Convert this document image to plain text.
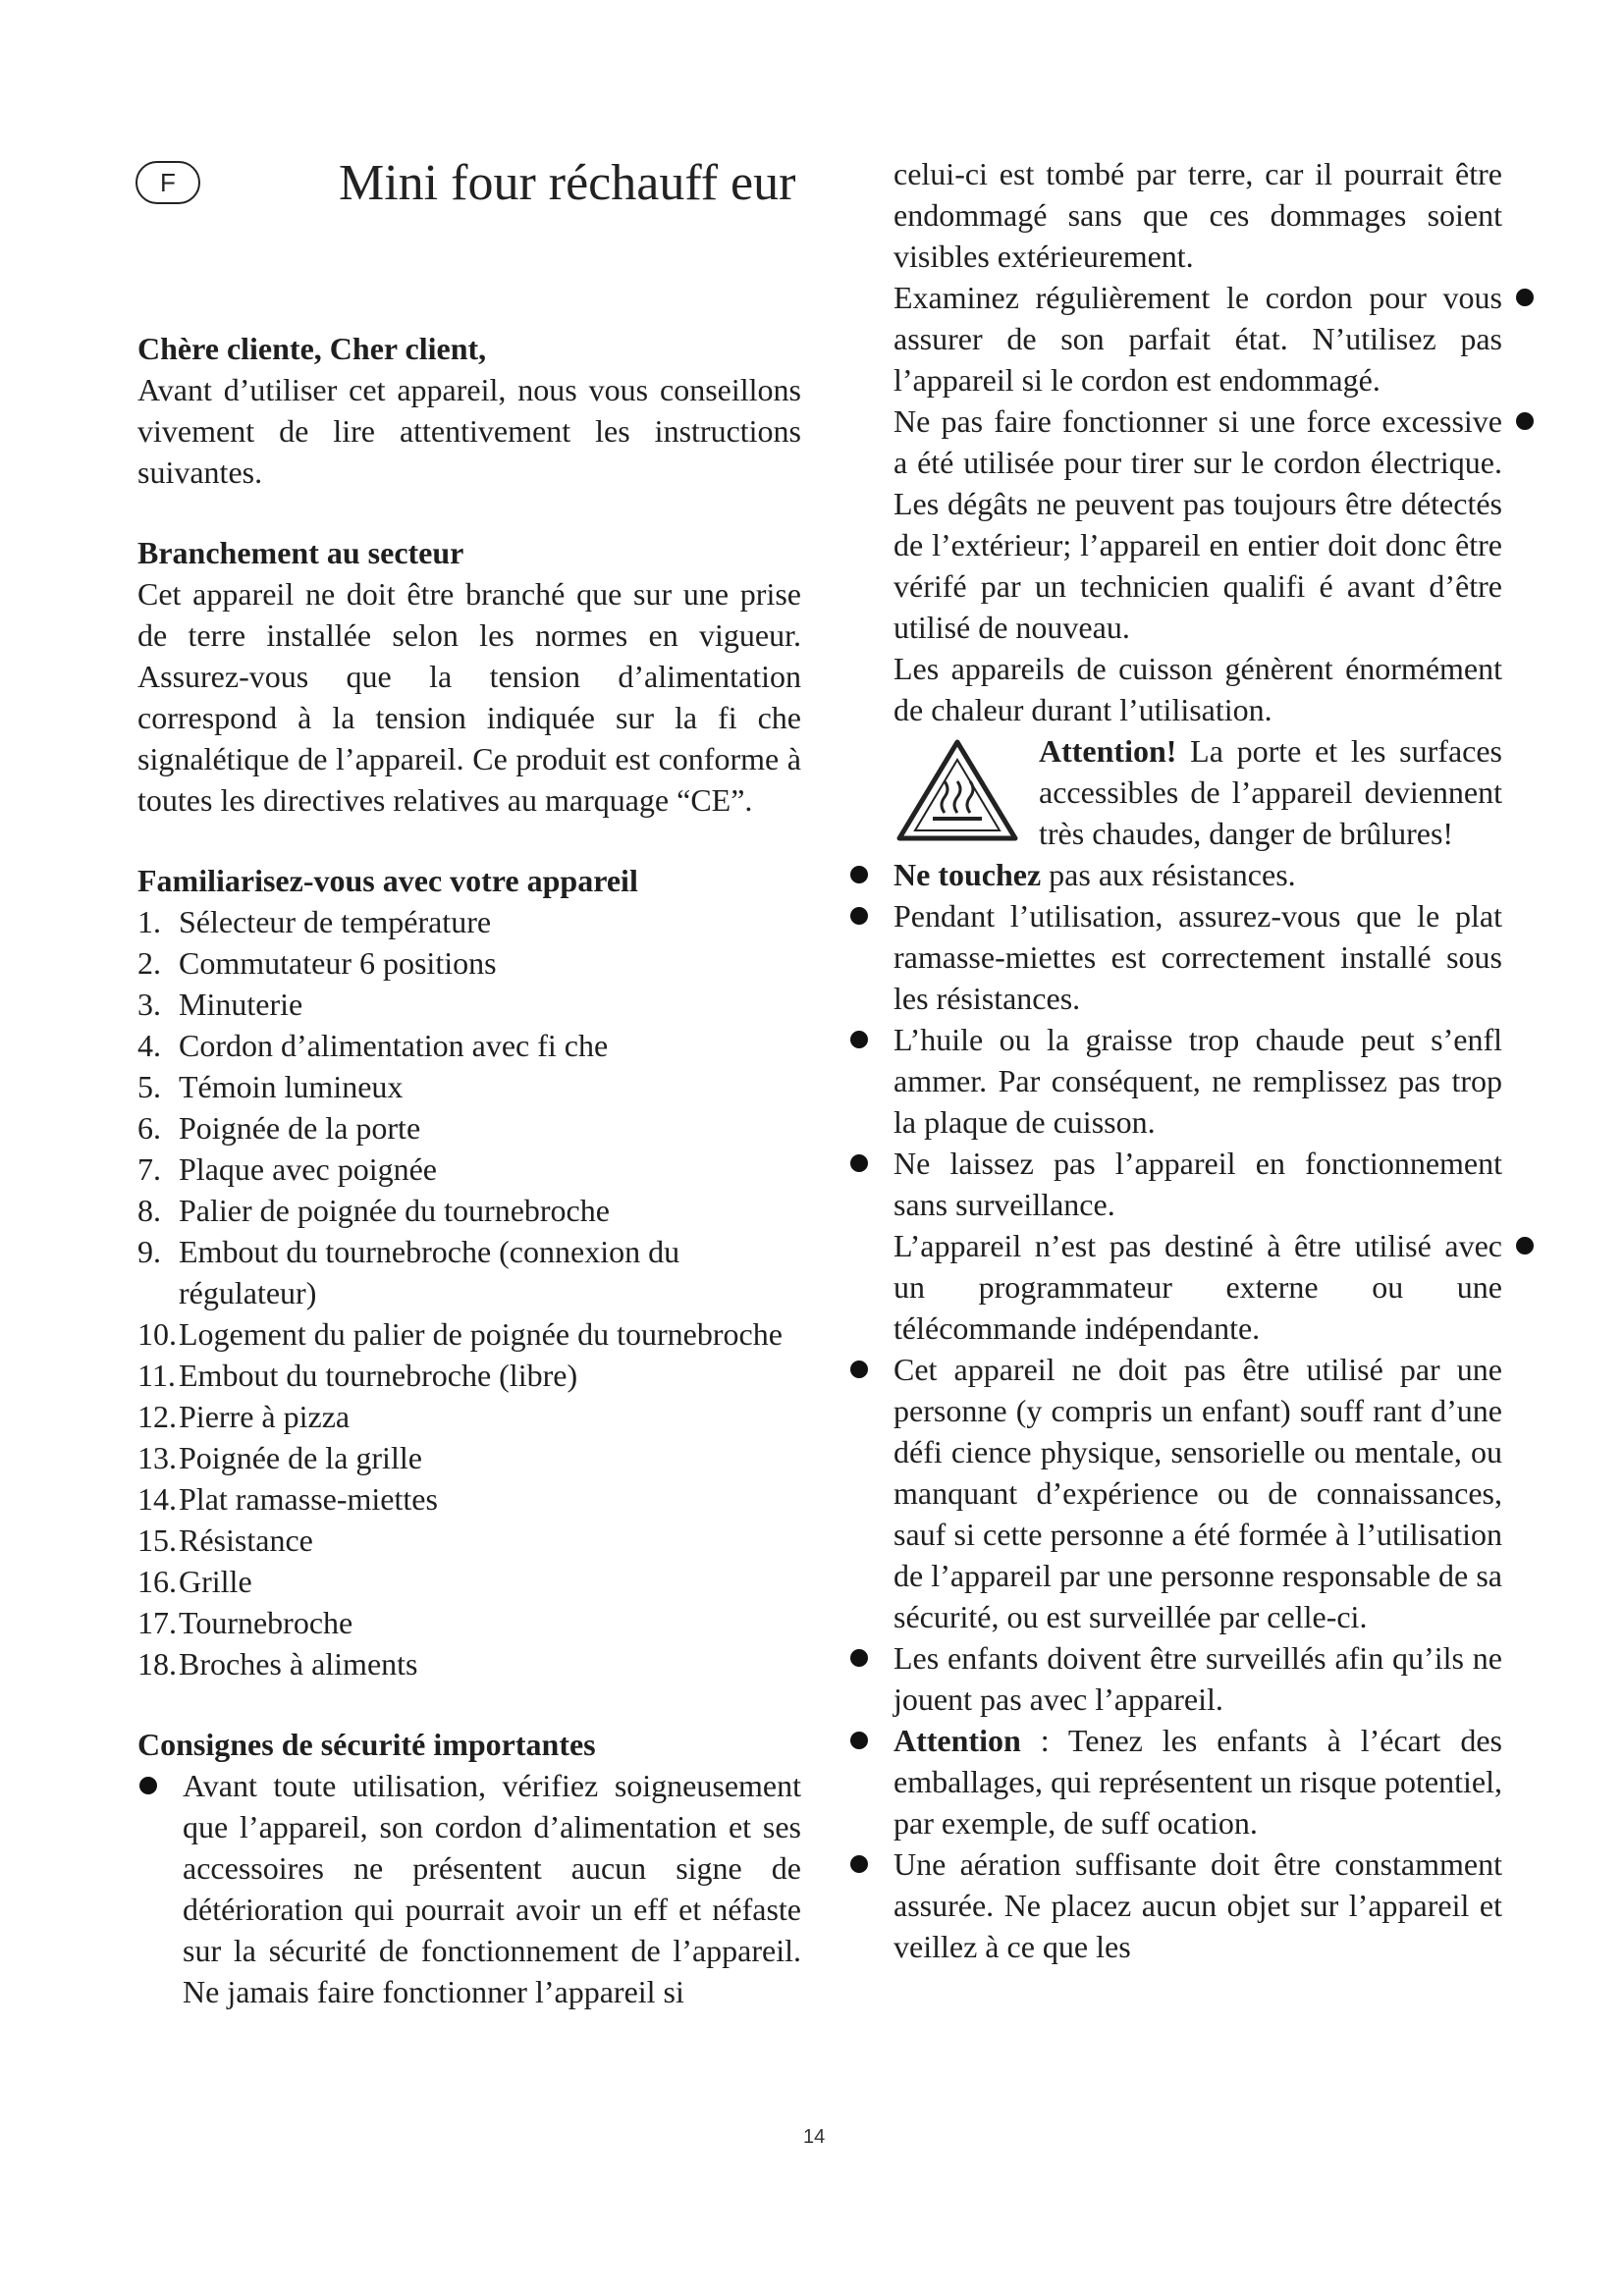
F	Mini four réchauff eur

Chère cliente, Cher client,

Avant d’utiliser cet appareil, nous vous conseillons vivement de lire attentivement les instructions suivantes.

Branchement au secteur

Cet appareil ne doit être branché que sur une prise de terre installée selon les normes en vigueur. Assurez-vous que la tension d’alimentation correspond à la tension indiquée sur la fi che signalétique de l’appareil. Ce produit est conforme à toutes les directives relatives au marquage “CE”.

Familiarisez-vous avec votre appareil

1. Sélecteur de température
2. Commutateur 6 positions
3. Minuterie
4. Cordon d’alimentation avec fi che
5. Témoin lumineux
6. Poignée de la porte
7. Plaque avec poignée
8. Palier de poignée du tournebroche
9. Embout du tournebroche (connexion du régulateur)
10. Logement du palier de poignée du tournebroche
11. Embout du tournebroche (libre)
12. Pierre à pizza
13. Poignée de la grille
14. Plat ramasse-miettes
15. Résistance
16. Grille
17. Tournebroche
18. Broches à aliments

Consignes de sécurité importantes

Avant toute utilisation, vérifiez soigneusement que l’appareil, son cordon d’alimentation et ses accessoires ne présentent aucun signe de détérioration qui pourrait avoir un eff et néfaste sur la sécurité de fonctionnement de l’appareil. Ne jamais faire fonctionner l’appareil si

celui-ci est tombé par terre, car il pourrait être endommagé sans que ces dommages soient visibles extérieurement.

Examinez régulièrement le cordon pour vous assurer de son parfait état. N’utilisez pas l’appareil si le cordon est endommagé.

Ne pas faire fonctionner si une force excessive a été utilisée pour tirer sur le cordon électrique. Les dégâts ne peuvent pas toujours être détectés de l’extérieur; l’appareil en entier doit donc être vérifé par un technicien qualifi é avant d’être utilisé de nouveau.

Les appareils de cuisson génèrent énormément de chaleur durant l’utilisation.

Attention! La porte et les surfaces accessibles de l’appareil deviennent très chaudes, danger de brûlures!

Ne touchez pas aux résistances.
Pendant l’utilisation, assurez-vous que le plat ramasse-miettes est correctement installé sous les résistances.
L’huile ou la graisse trop chaude peut s’enfl ammer. Par conséquent, ne remplissez pas trop la plaque de cuisson.
Ne laissez pas l’appareil en fonctionnement sans surveillance.
L’appareil n’est pas destiné à être utilisé avec un programmateur externe ou une télécommande indépendante.
Cet appareil ne doit pas être utilisé par une personne (y compris un enfant) souff rant d’une défi cience physique, sensorielle ou mentale, ou manquant d’expérience ou de connaissances, sauf si cette personne a été formée à l’utilisation de l’appareil par une personne responsable de sa sécurité, ou est surveillée par celle-ci.
Les enfants doivent être surveillés afin qu’ils ne jouent pas avec l’appareil.
Attention : Tenez les enfants à l’écart des emballages, qui représentent un risque potentiel, par exemple, de suff ocation.
Une aération suffisante doit être constamment assurée. Ne placez aucun objet sur l’appareil et veillez à ce que les
14
